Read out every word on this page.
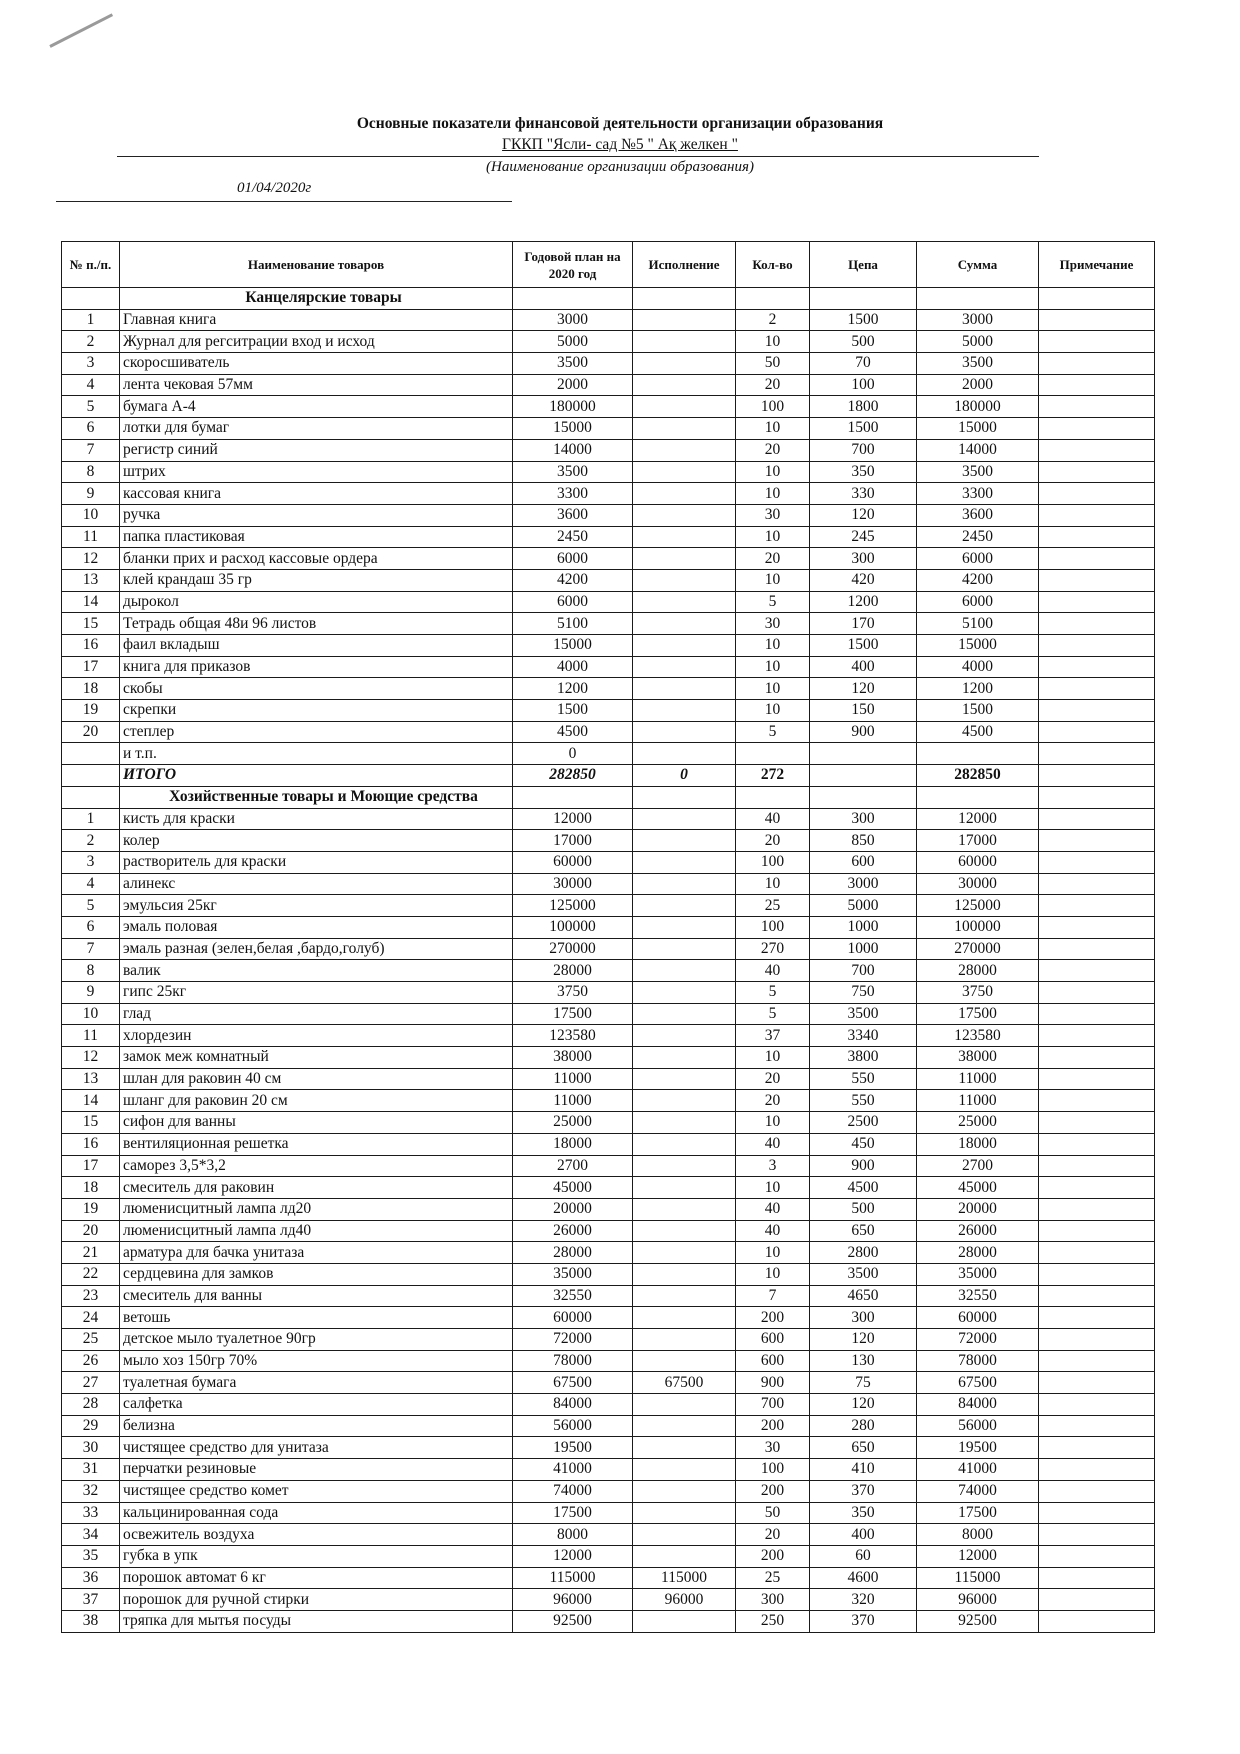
Основные показатели финансовой деятельности организации образования
ГККП "Ясли- сад №5 " Ақ желкен "
(Наименование организации образования)
01/04/2020г
№ п./п.	Наименование товаров	Годовой план на 2020 год	Исполнение	Кол-во	Цепа	Сумма	Примечание
	Канцелярские товары						
1	Главная книга	3000		2	1500	3000	
2	Журнал для регситрации вход и исход	5000		10	500	5000	
3	скоросшиватель	3500		50	70	3500	
4	лента чековая 57мм	2000		20	100	2000	
5	бумага А-4	180000		100	1800	180000	
6	лотки для бумаг	15000		10	1500	15000	
7	регистр синий	14000		20	700	14000	
8	штрих	3500		10	350	3500	
9	кассовая книга	3300		10	330	3300	
10	ручка	3600		30	120	3600	
11	папка пластиковая	2450		10	245	2450	
12	бланки прих и расход кассовые ордера	6000		20	300	6000	
13	клей крандаш 35 гр	4200		10	420	4200	
14	дырокол	6000		5	1200	6000	
15	Тетрадь общая 48и 96 листов	5100		30	170	5100	
16	фаил вкладыш	15000		10	1500	15000	
17	книга для приказов	4000		10	400	4000	
18	скобы	1200		10	120	1200	
19	скрепки	1500		10	150	1500	
20	степлер	4500		5	900	4500	
	и т.п.	0					
	ИТОГО	282850	0	272		282850	
	Хозийственные товары и Моющие средства						
1	кисть для краски	12000		40	300	12000	
2	колер	17000		20	850	17000	
3	растворитель для краски	60000		100	600	60000	
4	алинекс	30000		10	3000	30000	
5	эмульсия 25кг	125000		25	5000	125000	
6	эмаль половая	100000		100	1000	100000	
7	эмаль разная (зелен,белая ,бардо,голуб)	270000		270	1000	270000	
8	валик	28000		40	700	28000	
9	гипс 25кг	3750		5	750	3750	
10	глад	17500		5	3500	17500	
11	хлордезин	123580		37	3340	123580	
12	замок меж комнатный	38000		10	3800	38000	
13	шлан для раковин 40 см	11000		20	550	11000	
14	шланг для раковин 20 см	11000		20	550	11000	
15	сифон для ванны	25000		10	2500	25000	
16	вентиляционная решетка	18000		40	450	18000	
17	саморез 3,5*3,2	2700		3	900	2700	
18	смеситель для раковин	45000		10	4500	45000	
19	люменисцитный лампа лд20	20000		40	500	20000	
20	люменисцитный лампа лд40	26000		40	650	26000	
21	арматура для бачка унитаза	28000		10	2800	28000	
22	сердцевина для замков	35000		10	3500	35000	
23	смеситель для ванны	32550		7	4650	32550	
24	ветошь	60000		200	300	60000	
25	детское мыло туалетное 90гр	72000		600	120	72000	
26	мыло хоз 150гр 70%	78000		600	130	78000	
27	туалетная бумага	67500	67500	900	75	67500	
28	салфетка	84000		700	120	84000	
29	белизна	56000		200	280	56000	
30	чистящее средство для унитаза	19500		30	650	19500	
31	перчатки резиновые	41000		100	410	41000	
32	чистящее средство комет	74000		200	370	74000	
33	кальцинированная сода	17500		50	350	17500	
34	освежитель воздуха	8000		20	400	8000	
35	губка в упк	12000		200	60	12000	
36	порошок автомат 6 кг	115000	115000	25	4600	115000	
37	порошок для ручной стирки	96000	96000	300	320	96000	
38	тряпка для мытья посуды	92500		250	370	92500	
